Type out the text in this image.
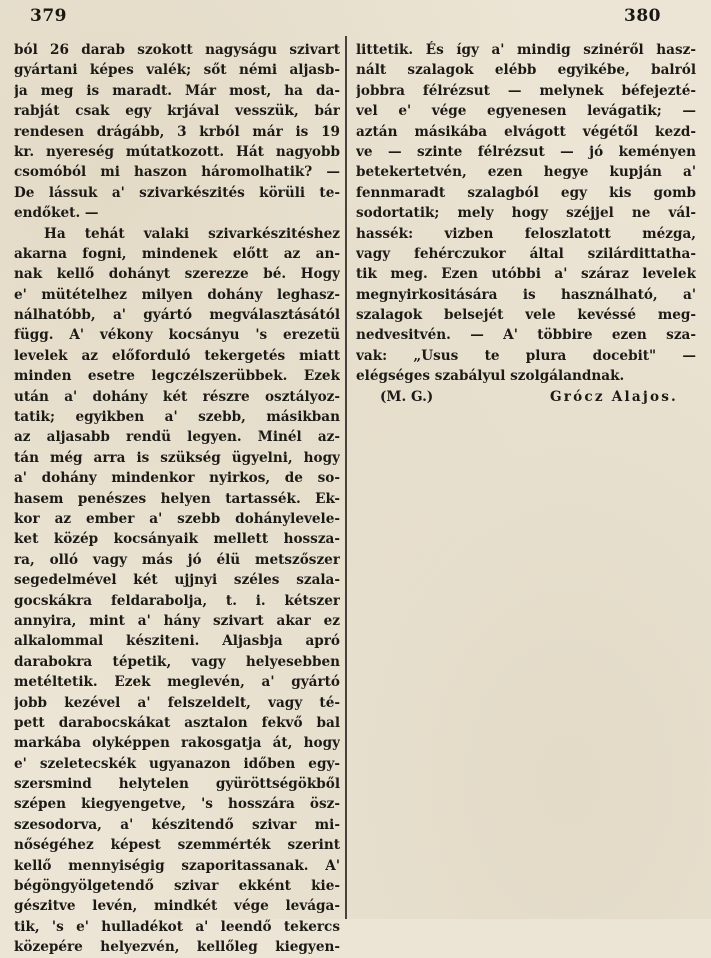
379	380
ból 26 darab szokott nagyságu szivart
gyártani képes valék; sőt némi aljasb-
ja meg is maradt. Már most, ha da-
rabját csak egy krjával vesszük, bár
rendesen drágább, 3 krból már is 19
kr. nyereség mútatkozott. Hát nagyobb
csomóból mi haszon háromolhatik? —
De lássuk a' szivarkészités körüli te-
endőket. —
Ha tehát valaki szivarkészitéshez
akarna fogni, mindenek előtt az an-
nak kellő dohányt szerezze bé. Hogy
e' mütételhez milyen dohány leghasz-
nálhatóbb, a' gyártó megválasztásától
függ. A' vékony kocsányu 's erezetü
levelek az előforduló tekergetés miatt
minden esetre legczélszerübbek. Ezek
után a' dohány két részre osztályoz-
tatik; egyikben a' szebb, másikban
az aljasabb rendü legyen. Minél az-
tán még arra is szükség ügyelni, hogy
a' dohány mindenkor nyirkos, de so-
hasem penészes helyen tartassék. Ek-
kor az ember a' szebb dohánylevele-
ket közép kocsányaik mellett hossza-
ra, olló vagy más jó élü metszőszer
segedelmével két ujjnyi széles szala-
gocskákra feldarabolja, t. i. kétszer
annyira, mint a' hány szivart akar ez
alkalommal késziteni. Aljasbja apró
darabokra tépetik, vagy helyesebben
metéltetik. Ezek meglevén, a' gyártó
jobb kezével a' felszeldelt, vagy té-
pett darabocskákat asztalon fekvő bal
markába olyképpen rakosgatja át, hogy
e' szeletecskék ugyanazon időben egy-
szersmind helytelen gyüröttségökből
szépen kiegyengetve, 's hosszára ösz-
szesodorva, a' készitendő szivar mi-
nőségéhez képest szemmérték szerint
kellő mennyiségig szaporitassanak. A'
bégöngyölgetendő szivar ekként kie-
gészitve levén, mindkét vége levága-
tik, 's e' hulladékot a' leendő tekercs
közepére helyezvén, kellőleg kiegyen-
littetik. És így a' mindig szinéről hasz-
nált szalagok elébb egyikébe, balról
jobbra félrézsut — melynek béfejezté-
vel e' vége egyenesen levágatik; —
aztán másikába elvágott végétől kezd-
ve — szinte félrézsut — jó keményen
betekertetvén, ezen hegye kupján a'
fennmaradt szalagból egy kis gomb
sodortatik; mely hogy széjjel ne vál-
hassék: vizben feloszlatott mézga,
vagy fehérczukor által szilárdittatha-
tik meg. Ezen utóbbi a' száraz levelek
megnyirkositására is használható, a'
szalagok belsejét vele kevéssé meg-
nedvesitvén. — A' többire ezen sza-
vak: „Usus te plura docebit" —
elégséges szabályul szolgálandnak.
(M. G.)	Grócz Alajos.
